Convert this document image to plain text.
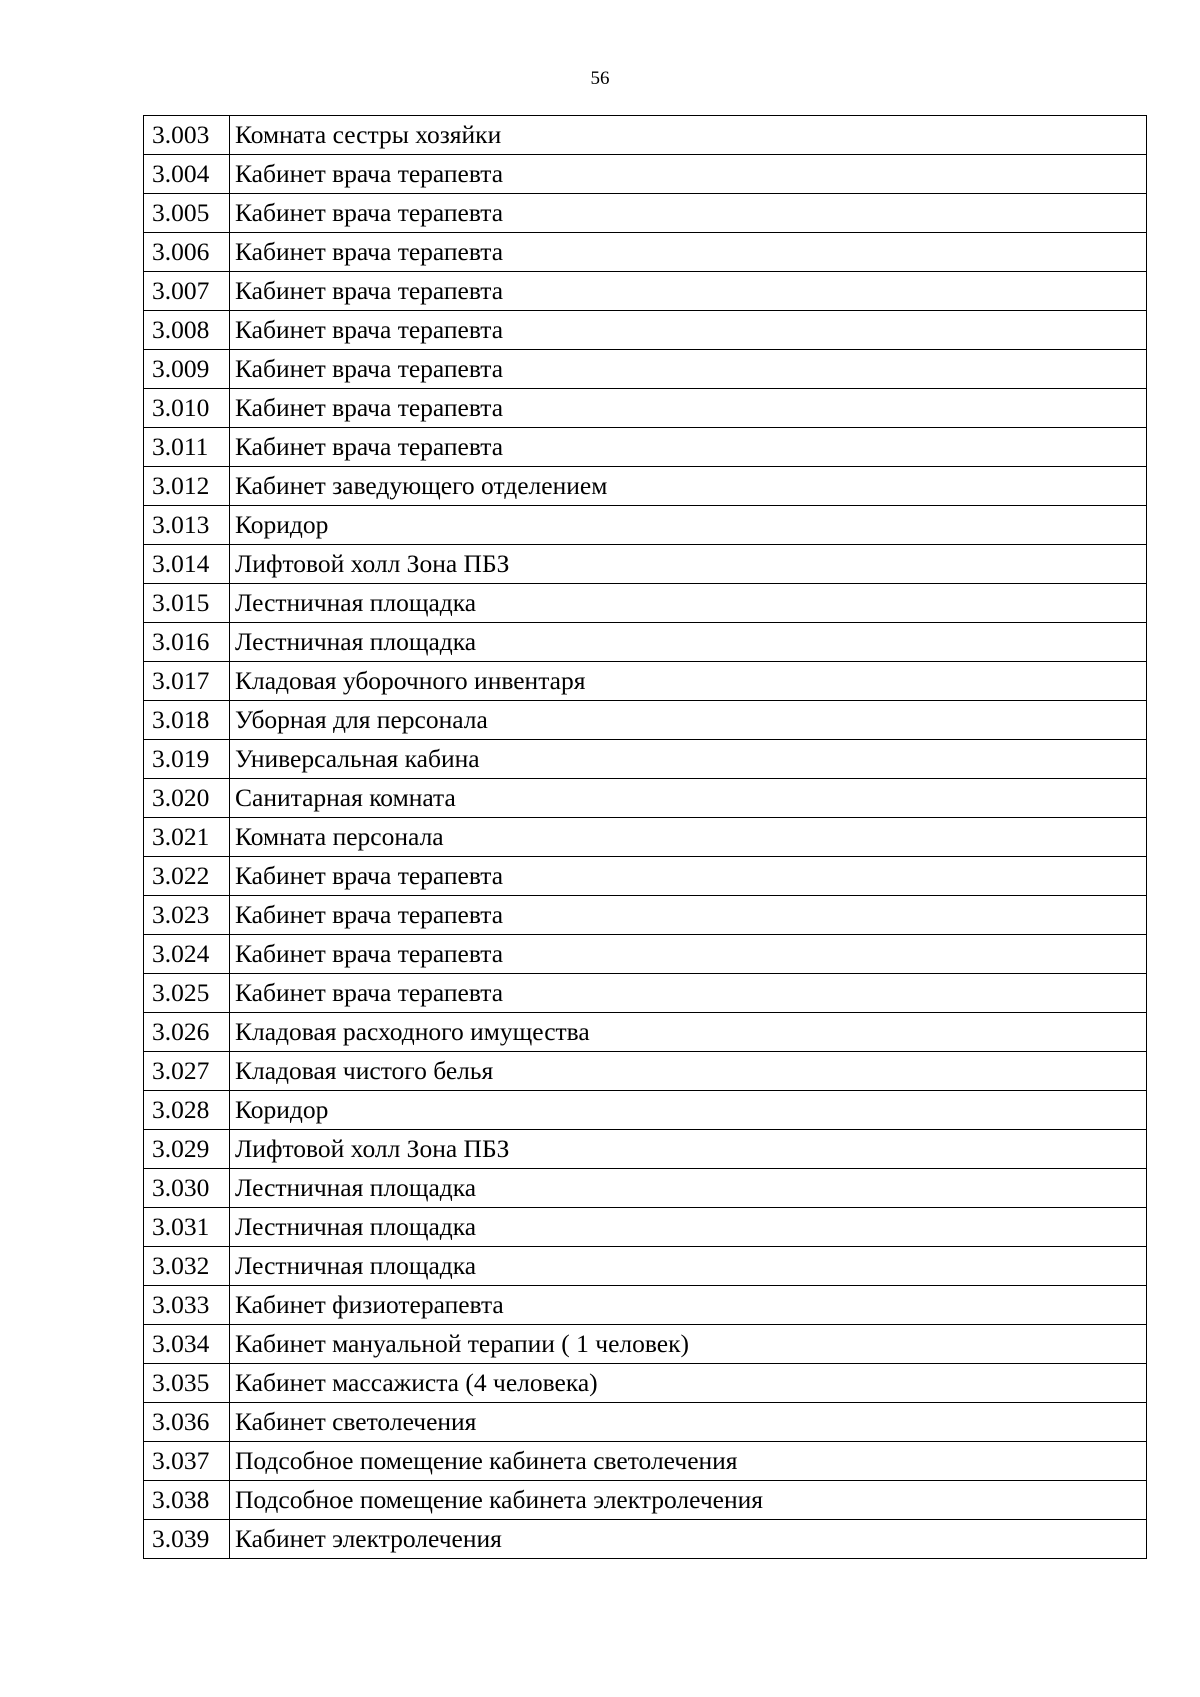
56
3.003	Комната сестры хозяйки
3.004	Кабинет врача терапевта
3.005	Кабинет врача терапевта
3.006	Кабинет врача терапевта
3.007	Кабинет врача терапевта
3.008	Кабинет врача терапевта
3.009	Кабинет врача терапевта
3.010	Кабинет врача терапевта
3.011	Кабинет врача терапевта
3.012	Кабинет заведующего отделением
3.013	Коридор
3.014	Лифтовой холл Зона ПБЗ
3.015	Лестничная площадка
3.016	Лестничная площадка
3.017	Кладовая уборочного инвентаря
3.018	Уборная для персонала
3.019	Универсальная кабина
3.020	Санитарная комната
3.021	Комната персонала
3.022	Кабинет врача терапевта
3.023	Кабинет врача терапевта
3.024	Кабинет врача терапевта
3.025	Кабинет врача терапевта
3.026	Кладовая расходного имущества
3.027	Кладовая чистого белья
3.028	Коридор
3.029	Лифтовой холл Зона ПБЗ
3.030	Лестничная площадка
3.031	Лестничная площадка
3.032	Лестничная площадка
3.033	Кабинет физиотерапевта
3.034	Кабинет мануальной терапии ( 1 человек)
3.035	Кабинет массажиста (4 человека)
3.036	Кабинет светолечения
3.037	Подсобное помещение кабинета светолечения
3.038	Подсобное помещение кабинета электролечения
3.039	Кабинет электролечения
